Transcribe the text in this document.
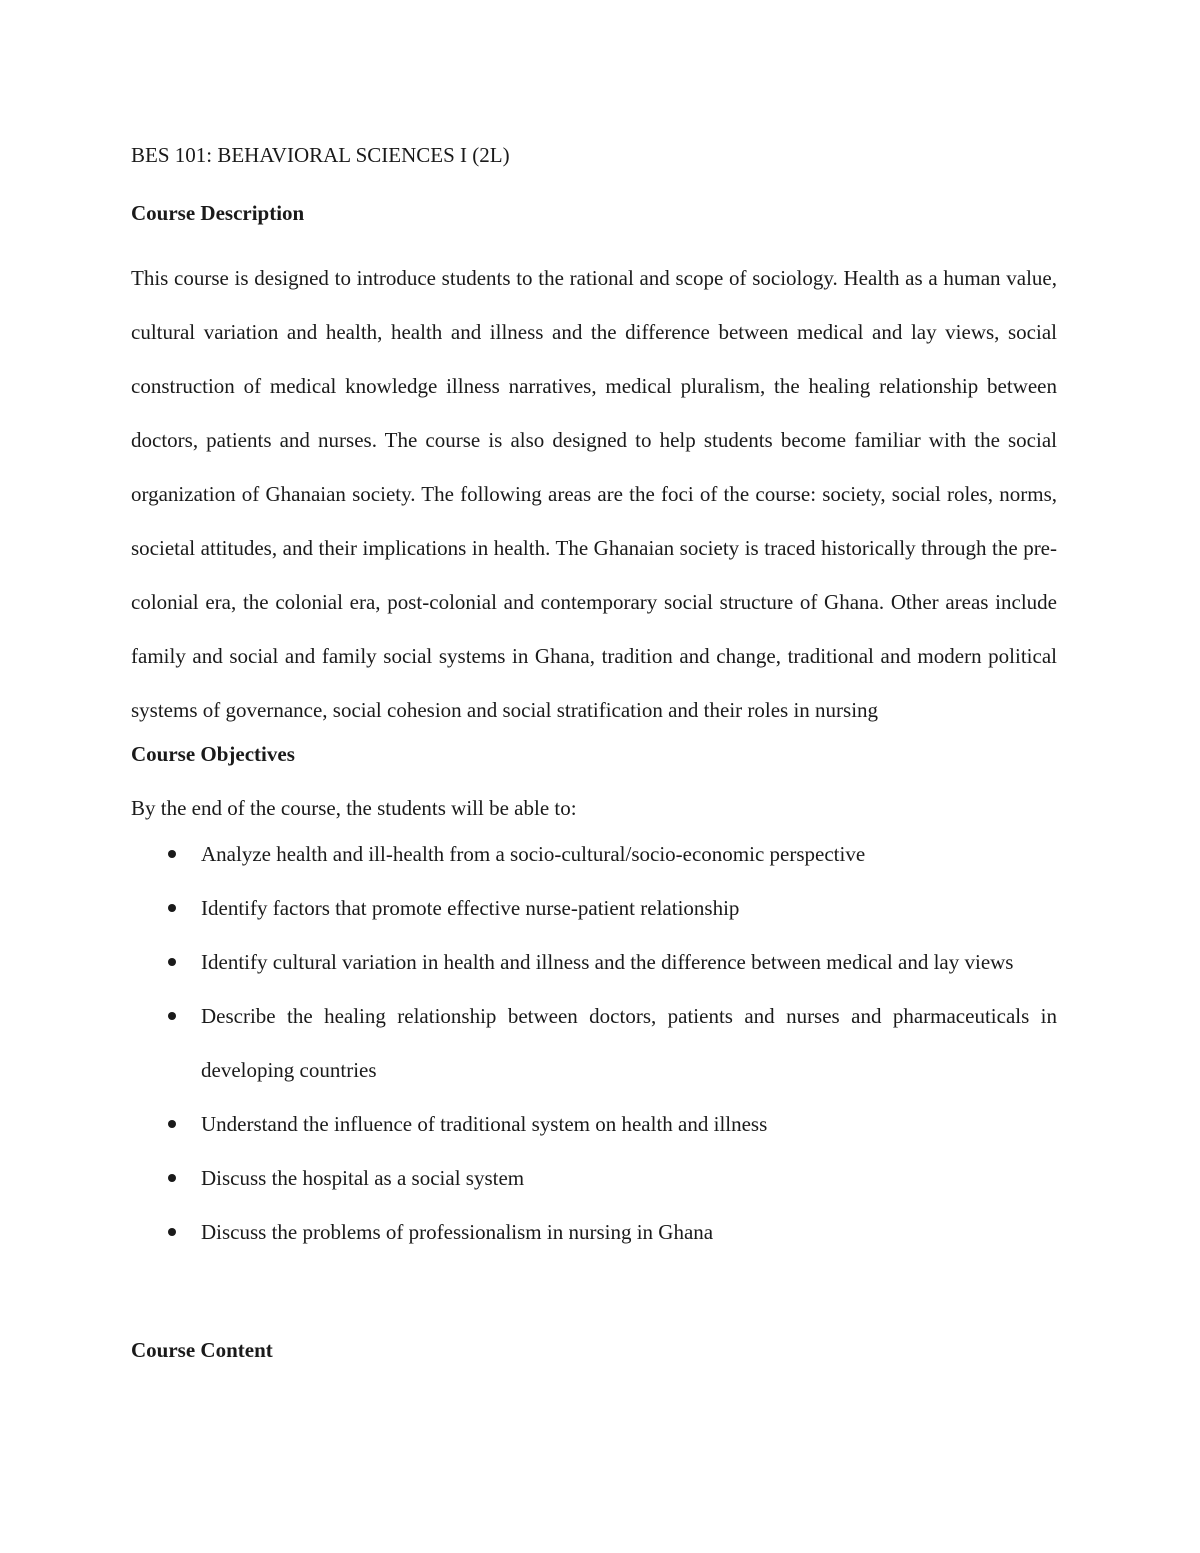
BES 101: BEHAVIORAL SCIENCES I (2L)

Course Description

This course is designed to introduce students to the rational and scope of sociology. Health as a human value, cultural variation and health, health and illness and the difference between medical and lay views, social construction of medical knowledge illness narratives, medical pluralism, the healing relationship between doctors, patients and nurses. The course is also designed to help students become familiar with the social organization of Ghanaian society. The following areas are the foci of the course: society, social roles, norms, societal attitudes, and their implications in health. The Ghanaian society is traced historically through the pre-colonial era, the colonial era, post-colonial and contemporary social structure of Ghana. Other areas include family and social and family social systems in Ghana, tradition and change, traditional and modern political systems of governance, social cohesion and social stratification and their roles in nursing

Course Objectives

By the end of the course, the students will be able to:

Analyze health and ill-health from a socio-cultural/socio-economic perspective
Identify factors that promote effective nurse-patient relationship
Identify cultural variation in health and illness and the difference between medical and lay views
Describe the healing relationship between doctors, patients and nurses and pharmaceuticals in developing countries
Understand the influence of traditional system on health and illness
Discuss the hospital as a social system
Discuss the problems of professionalism in nursing in Ghana
Course Content
